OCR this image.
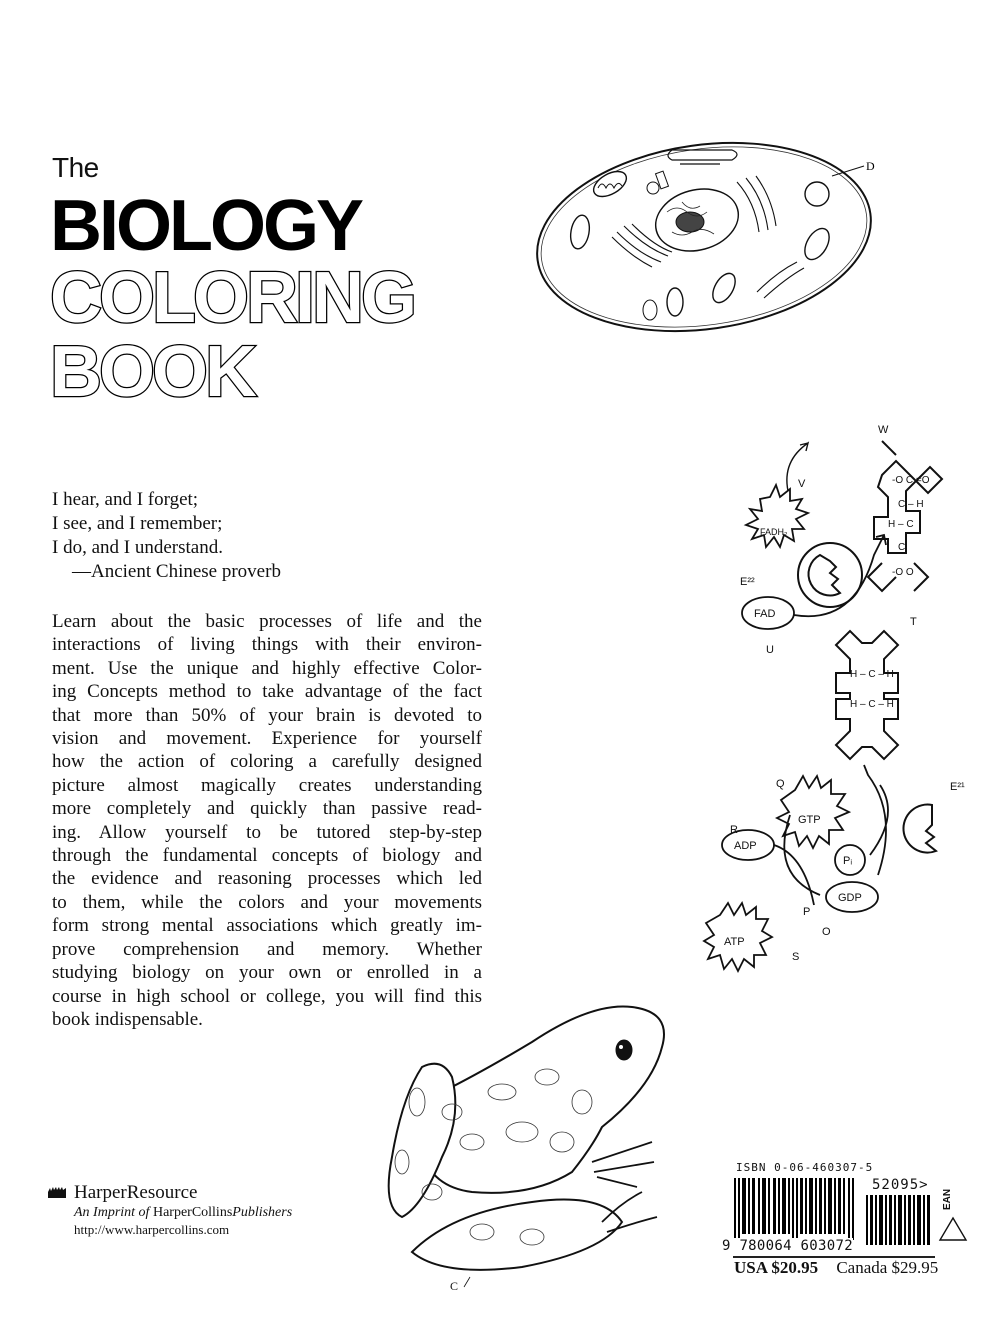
The
BIOLOGY
COLORING
BOOK
D
I hear, and I forget;
I see, and I remember;
I do, and I understand.
—Ancient Chinese proverb
Learn about the basic processes of life and the
interactions of living things with their environ-
ment. Use the unique and highly effective Color-
ing Concepts method to take advantage of the fact
that more than 50% of your brain is devoted to
vision and movement. Experience for yourself
how the action of coloring a carefully designed
picture almost magically creates understanding
more completely and quickly than passive read-
ing. Allow yourself to be tutored step-by-step
through the fundamental concepts of biology and
the evidence and reasoning processes which led
to them, while the colors and your movements
form strong mental associations which greatly im-
prove comprehension and memory. Whether
studying biology on your own or enrolled in a
course in high school or college, you will find this
book indispensable.
W
-O C =O
C – H
H – C
C
-O O
FADH₂
V
E²²
FAD
U
T
H – C – H
H – C – H
E²¹
GTP
Q
R
ADP
Pᵢ
GDP
P
O
ATP
S
C
HarperResource
An Imprint of HarperCollinsPublishers
http://www.harpercollins.com
ISBN 0-06-460307-5
9 780064 603072
52095>
EAN
USA $20.95 Canada $29.95
